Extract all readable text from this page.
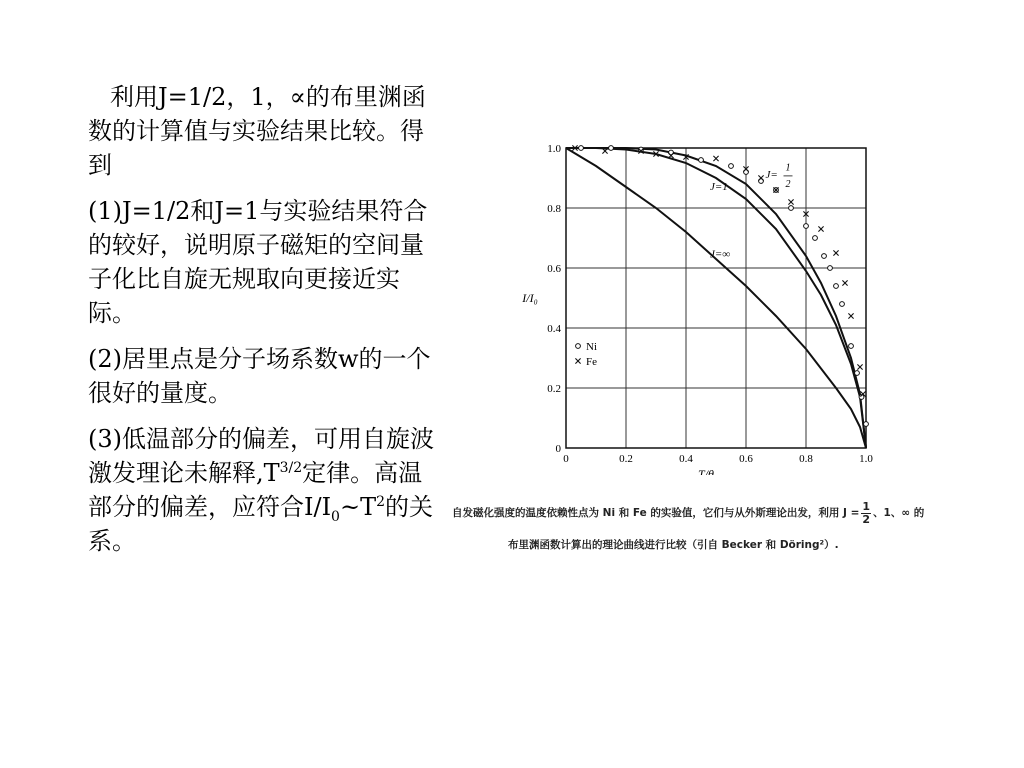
利用J=1/2，1，∝的布里渊函数的计算值与实验结果比较。得到

(1)J=1/2和J=1与实验结果符合的较好，说明原子磁矩的空间量子化比自旋无规取向更接近实际。

(2)居里点是分子场系数w的一个很好的量度。

(3)低温部分的偏差，可用自旋波激发理论未解释$,T^{3/2}$定律。高温部分的偏差，应符合$I/I_0\sim T^2$的关系。

0	0.2	0.4	0.6	0.8	1.0
0
0.2
0.4
0.6
0.8
1.0
T/θ
I/I₀
J=
1
2
J=1
J=∞
Ni
Fe
自发磁化强度的温度依赖性点为 Ni 和 Fe 的实验值，它们与从外斯理论出发，利用 $J = \frac{1}{2}$ 、1、∞ 的
布里渊函数计算出的理论曲线进行比较（引自 Becker 和 Döring²）.
